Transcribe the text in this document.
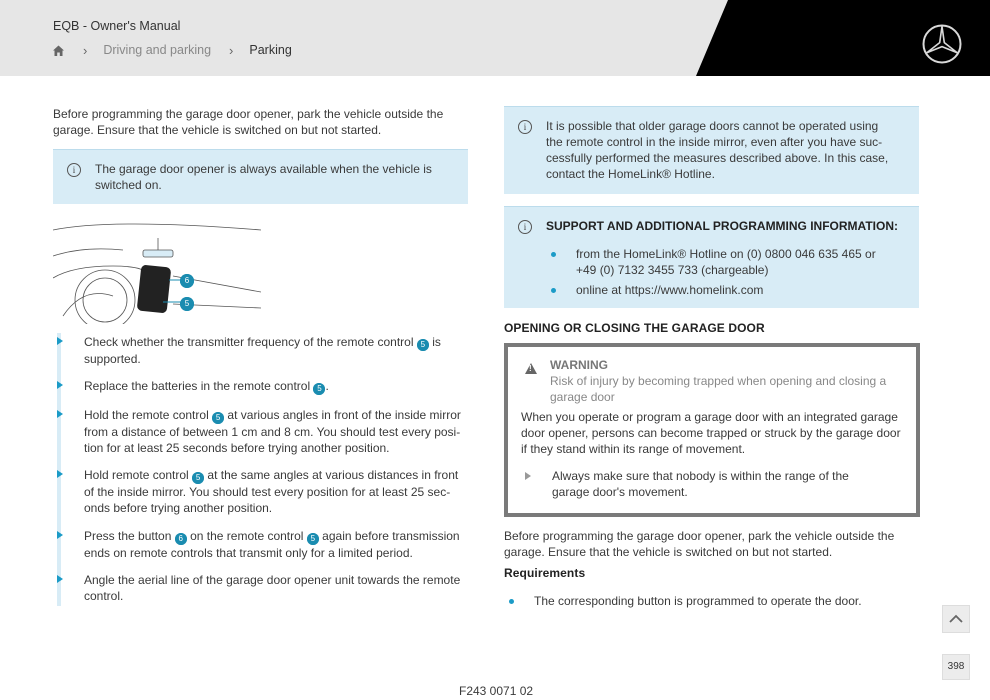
EQB - Owner's Manual
› Driving and parking › Parking

Before programming the garage door opener, park the vehicle outside the garage. Ensure that the vehicle is switched on but not started.

i	The garage door opener is always available when the vehicle is switched on.
6
5

Check whether the transmitter frequency of the remote control 5 is supported.

Replace the batteries in the remote control 5 .

Hold the remote control 5 at various angles in front of the inside mirror from a distance of between 1 cm and 8 cm. You should test every posi-tion for at least 25 seconds before trying another position.

Hold remote control 5 at the same angles at various distances in front of the inside mirror. You should test every position for at least 25 sec-onds before trying another position.

Press the button 6 on the remote control 5 again before transmission ends on remote controls that transmit only for a limited period.

Angle the aerial line of the garage door opener unit towards the remote control.

i	It is possible that older garage doors cannot be operated using the remote control in the inside mirror, even after you have suc-cessfully performed the measures described above. In this case, contact the HomeLink® Hotline.
i	SUPPORT AND ADDITIONAL PROGRAMMING INFORMATION:
from the HomeLink® Hotline on (0) 0800 046 635 465 or +49 (0) 7132 3455 733 (chargeable)
online at https://www.homelink.com
OPENING OR CLOSING THE GARAGE DOOR
!
WARNING
Risk of injury by becoming trapped when opening and closing a garage door
When you operate or program a garage door with an integrated garage door opener, persons can become trapped or struck by the garage door if they stand within its range of movement.
Always make sure that nobody is within the range of the garage door's movement.

Before programming the garage door opener, park the vehicle outside the garage. Ensure that the vehicle is switched on but not started.

Requirements

The corresponding button is programmed to operate the door.

398
F243 0071 02
